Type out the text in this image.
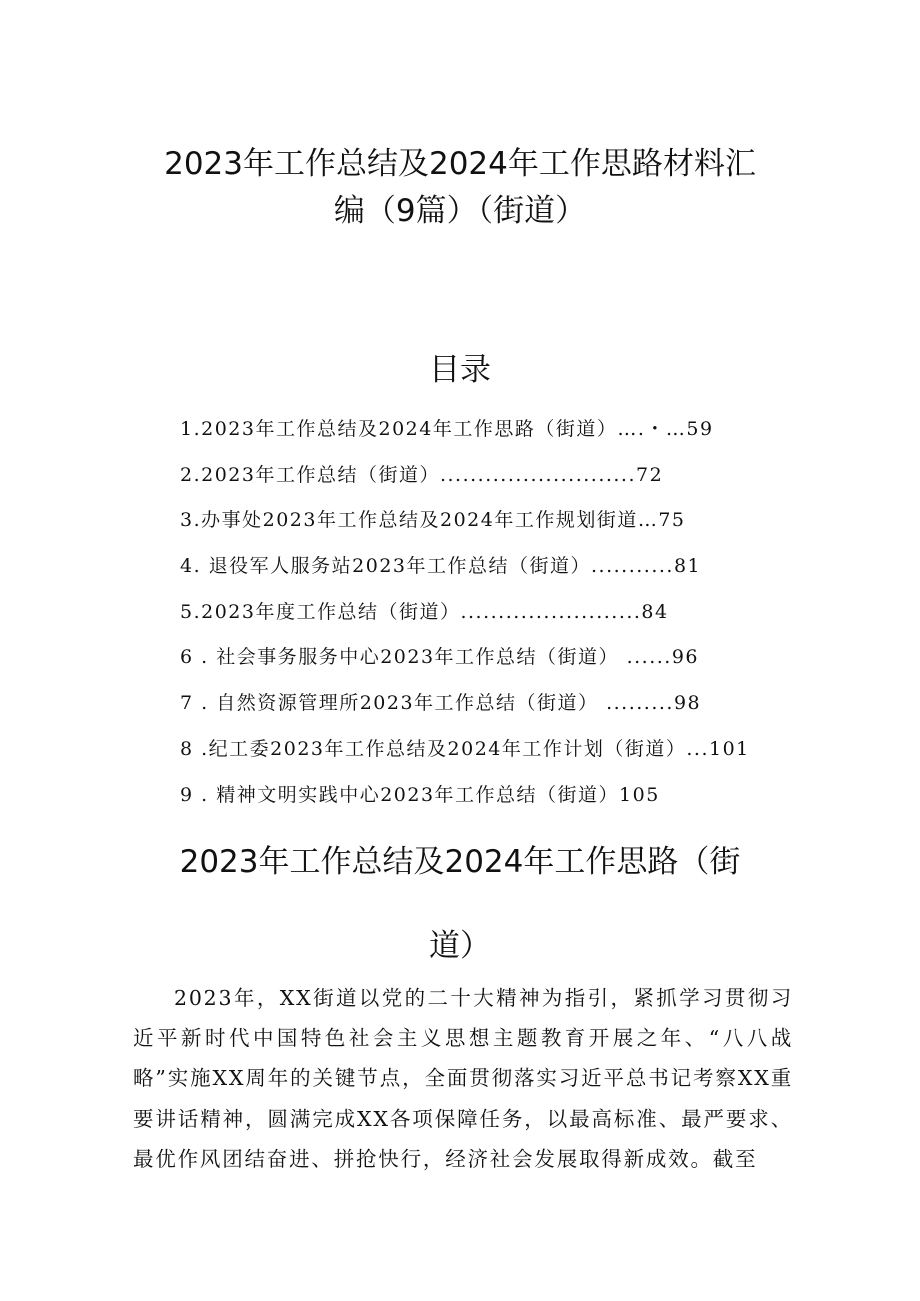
2023年工作总结及2024年工作思路材料汇
编（9篇）（街道）
目录
1.2023年工作总结及2024年工作思路（街道）….・…59
2.2023年工作总结（街道）..........................72
3.办事处2023年工作总结及2024年工作规划街道…75
4. 退役军人服务站2023年工作总结（街道）...........81
5.2023年度工作总结（街道）........................84
6 . 社会事务服务中心2023年工作总结（街道） ......96
7 . 自然资源管理所2023年工作总结（街道） .........98
8 .纪工委2023年工作总结及2024年工作计划（街道）...101
9 . 精神文明实践中心2023年工作总结（街道）105
2023年工作总结及2024年工作思路（街
道）

2023年，XX街道以党的二十大精神为指引，紧抓学习贯彻习近平新时代中国特色社会主义思想主题教育开展之年、“八八战略”实施XX周年的关键节点，全面贯彻落实习近平总书记考察XX重要讲话精神，圆满完成XX各项保障任务，以最高标准、最严要求、最优作风团结奋进、拼抢快行，经济社会发展取得新成效。截至
